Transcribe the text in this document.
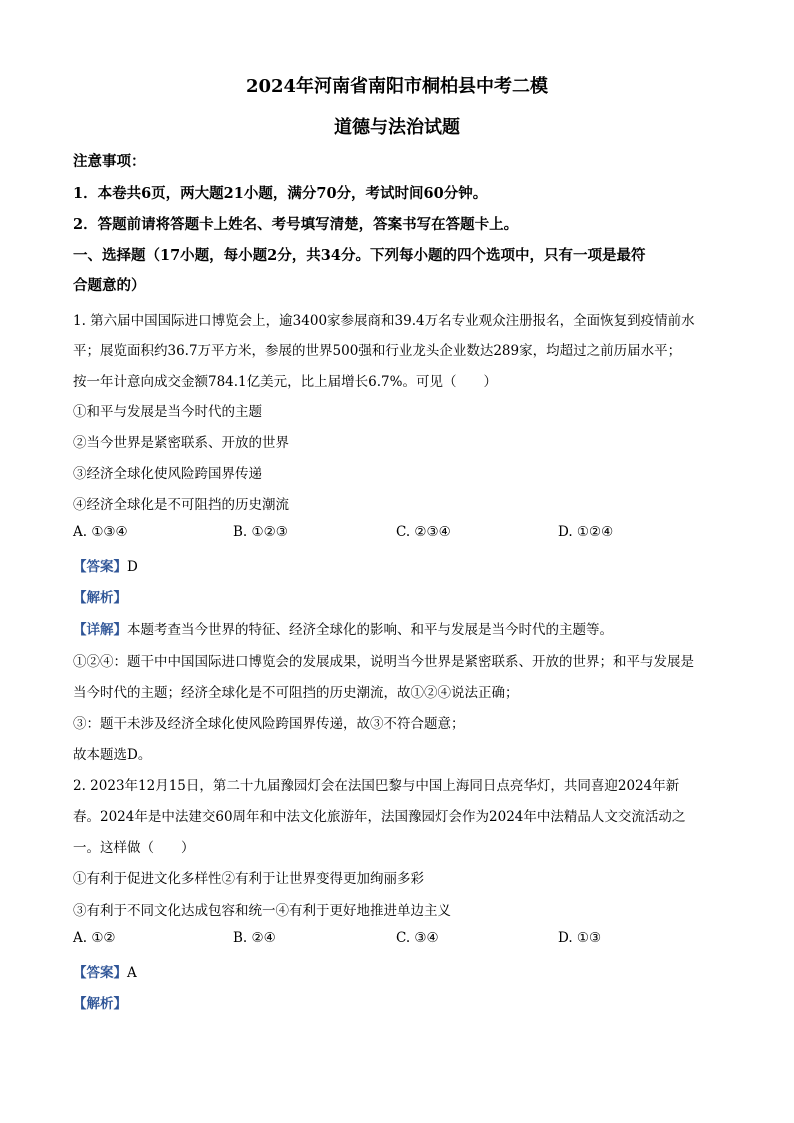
2024年河南省南阳市桐柏县中考二模
道德与法治试题
注意事项：
1．本卷共6页，两大题21小题，满分70分，考试时间60分钟。
2．答题前请将答题卡上姓名、考号填写清楚，答案书写在答题卡上。
一、选择题（17小题，每小题2分，共34分。下列每小题的四个选项中，只有一项是最符
合题意的）
1. 第六届中国国际进口博览会上，逾3400家参展商和39.4万名专业观众注册报名，全面恢复到疫情前水
平；展览面积约36.7万平方米，参展的世界500强和行业龙头企业数达289家，均超过之前历届水平；
按一年计意向成交金额784.1亿美元，比上届增长6.7%。可见（　　）
①和平与发展是当今时代的主题
②当今世界是紧密联系、开放的世界
③经济全球化使风险跨国界传递
④经济全球化是不可阻挡的历史潮流
A. ①③④	B. ①②③	C. ②③④	D. ①②④
【答案】D
【解析】
【详解】本题考查当今世界的特征、经济全球化的影响、和平与发展是当今时代的主题等。
①②④：题干中中国国际进口博览会的发展成果，说明当今世界是紧密联系、开放的世界；和平与发展是
当今时代的主题；经济全球化是不可阻挡的历史潮流，故①②④说法正确；
③：题干未涉及经济全球化使风险跨国界传递，故③不符合题意；
故本题选D。
2. 2023年12月15日，第二十九届豫园灯会在法国巴黎与中国上海同日点亮华灯，共同喜迎2024年新
春。2024年是中法建交60周年和中法文化旅游年，法国豫园灯会作为2024年中法精品人文交流活动之
一。这样做（　　）
①有利于促进文化多样性②有利于让世界变得更加绚丽多彩
③有利于不同文化达成包容和统一④有利于更好地推进单边主义
A. ①②	B. ②④	C. ③④	D. ①③
【答案】A
【解析】
